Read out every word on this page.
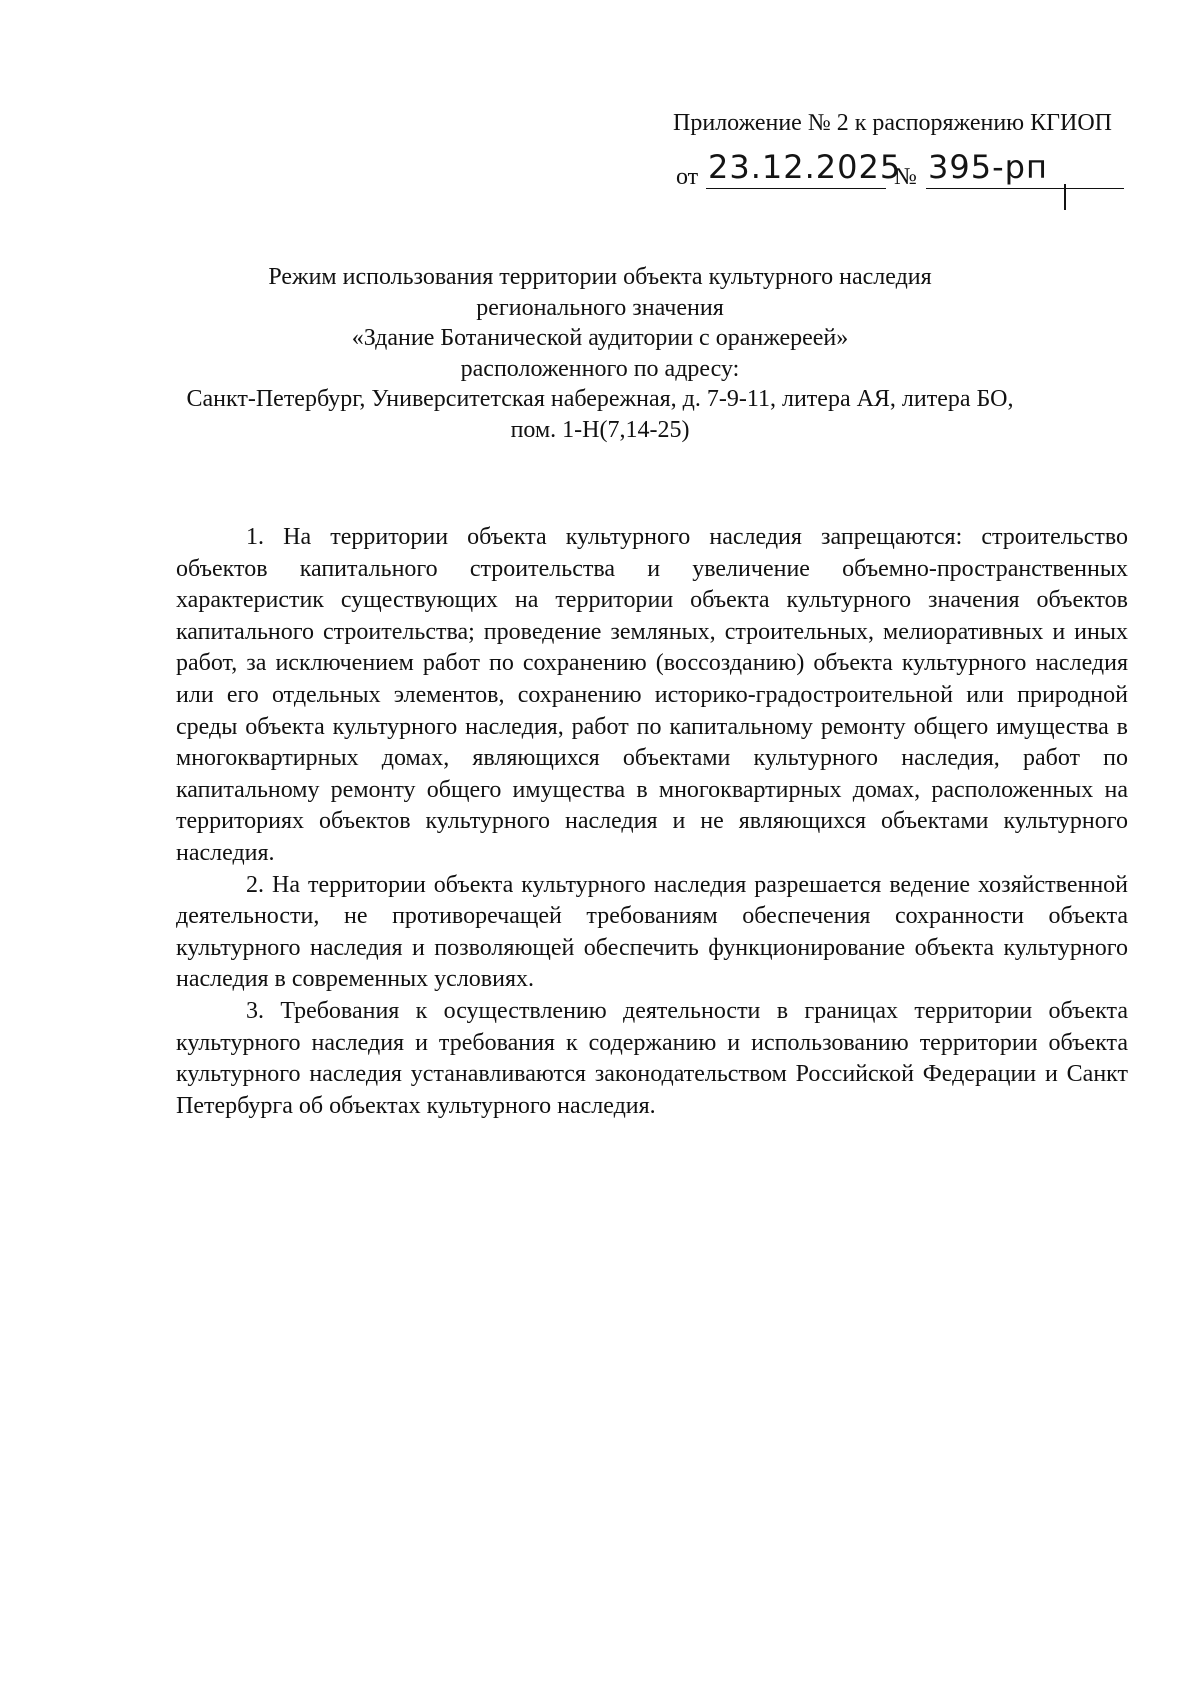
Приложение № 2 к распоряжению КГИОП
от 23.12.2025
№ 395-рп
Режим использования территории объекта культурного наследия
регионального значения
«Здание Ботанической аудитории с оранжереей»
расположенного по адресу:
Санкт-Петербург, Университетская набережная, д. 7-9-11, литера АЯ, литера БО,
пом. 1-Н(7,14-25)

1. На территории объекта культурного наследия запрещаются: строительство объектов капитального строительства и увеличение объемно-пространственных характеристик существующих на территории объекта культурного значения объектов капитального строительства; проведение земляных, строительных, мелиоративных и иных работ, за исключением работ по сохранению (воссозданию) объекта культурного наследия или его отдельных элементов, сохранению историко-градостроительной или природной среды объекта культурного наследия, работ по капитальному ремонту общего имущества в многоквартирных домах, являющихся объектами культурного наследия, работ по капитальному ремонту общего имущества в многоквартирных домах, расположенных на территориях объектов культурного наследия и не являющихся объектами культурного наследия.

2. На территории объекта культурного наследия разрешается ведение хозяйственной деятельности, не противоречащей требованиям обеспечения сохранности объекта культурного наследия и позволяющей обеспечить функционирование объекта культурного наследия в современных условиях.

3. Требования к осуществлению деятельности в границах территории объекта культурного наследия и требования к содержанию и использованию территории объекта культурного наследия устанавливаются законодательством Российской Федерации и Санкт Петербурга об объектах культурного наследия.
